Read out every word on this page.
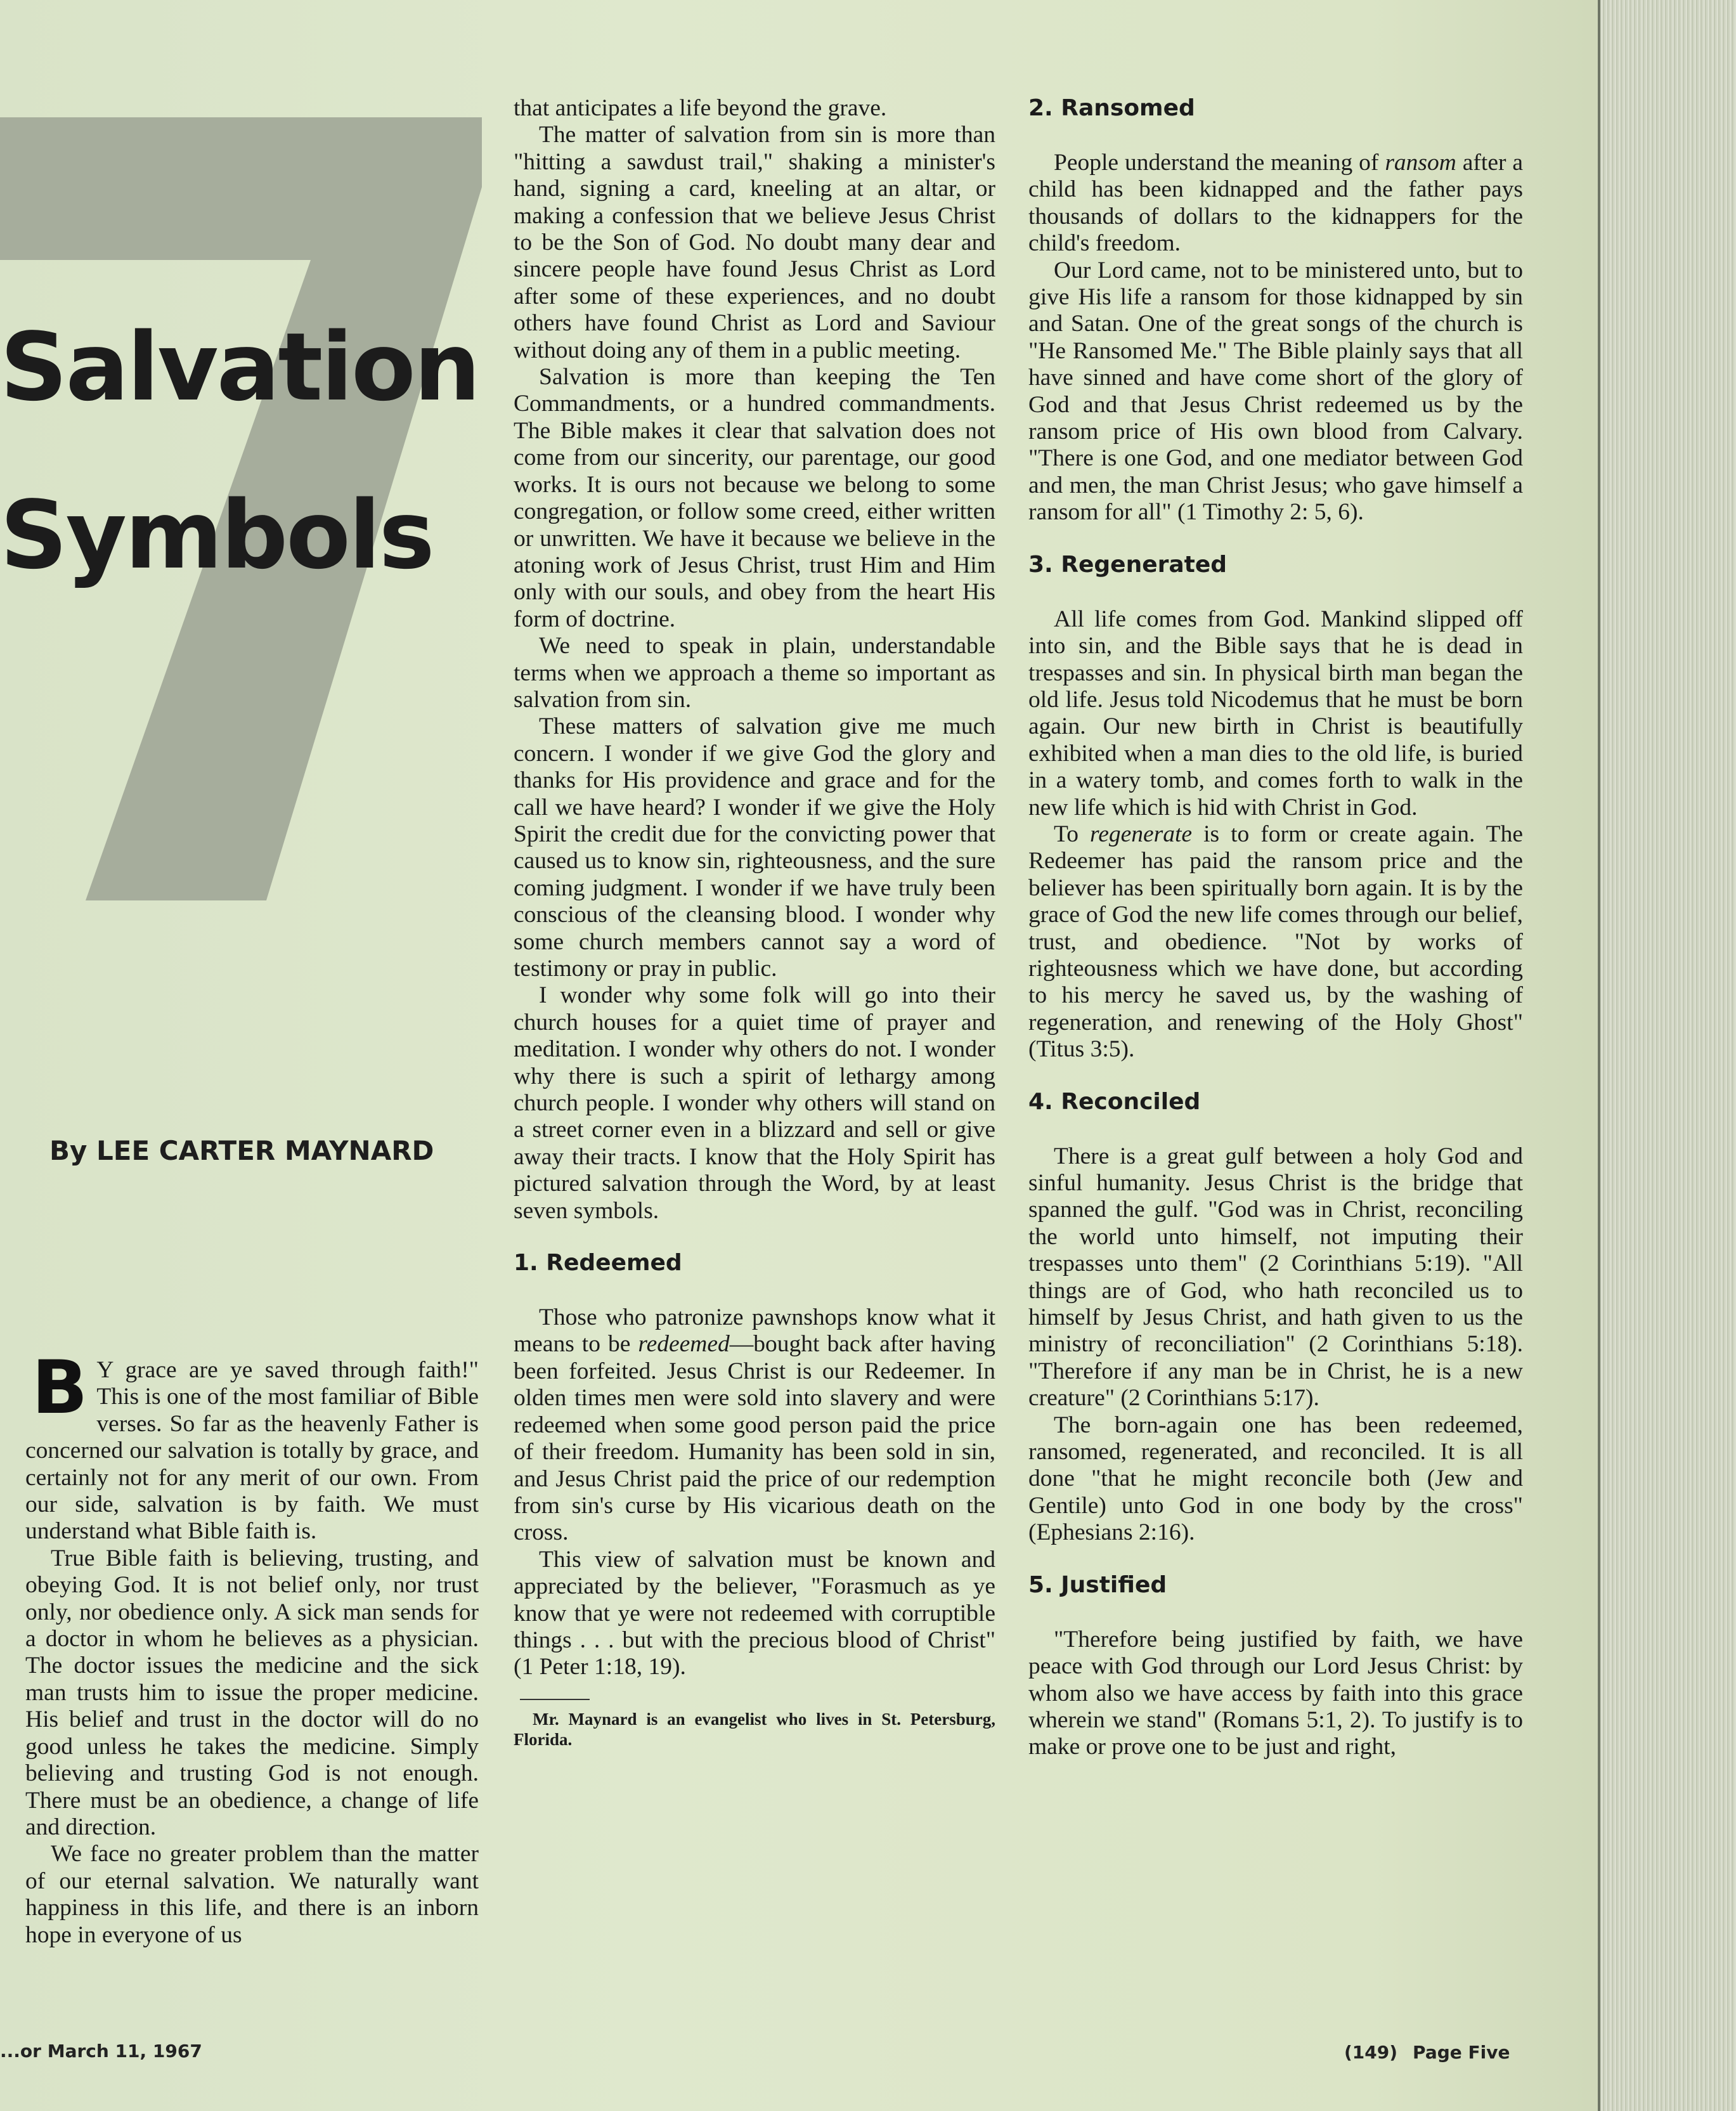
Salvation
Symbols
By LEE CARTER MAYNARD

B Y grace are ye saved through faith!" This is one of the most familiar of Bible verses. So far as the heavenly Father is concerned our salvation is totally by grace, and certainly not for any merit of our own. From our side, salvation is by faith. We must understand what Bible faith is.

True Bible faith is believing, trusting, and obeying God. It is not belief only, nor trust only, nor obedience only. A sick man sends for a doctor in whom he believes as a physician. The doctor issues the medicine and the sick man trusts him to issue the proper medicine. His belief and trust in the doctor will do no good unless he takes the medicine. Simply believing and trusting God is not enough. There must be an obedience, a change of life and direction.

We face no greater problem than the matter of our eternal salvation. We naturally want happiness in this life, and there is an inborn hope in everyone of us

that anticipates a life beyond the grave.

The matter of salvation from sin is more than "hitting a sawdust trail," shaking a minister's hand, signing a card, kneeling at an altar, or making a confession that we believe Jesus Christ to be the Son of God. No doubt many dear and sincere people have found Jesus Christ as Lord after some of these experiences, and no doubt others have found Christ as Lord and Saviour without doing any of them in a public meeting.

Salvation is more than keeping the Ten Commandments, or a hundred commandments. The Bible makes it clear that salvation does not come from our sincerity, our parentage, our good works. It is ours not because we belong to some congregation, or follow some creed, either written or unwritten. We have it because we believe in the atoning work of Jesus Christ, trust Him and Him only with our souls, and obey from the heart His form of doctrine.

We need to speak in plain, understandable terms when we approach a theme so important as salvation from sin.

These matters of salvation give me much concern. I wonder if we give God the glory and thanks for His providence and grace and for the call we have heard? I wonder if we give the Holy Spirit the credit due for the convicting power that caused us to know sin, righteousness, and the sure coming judgment. I wonder if we have truly been conscious of the cleansing blood. I wonder why some church members cannot say a word of testimony or pray in public.

I wonder why some folk will go into their church houses for a quiet time of prayer and meditation. I wonder why others do not. I wonder why there is such a spirit of lethargy among church people. I wonder why others will stand on a street corner even in a blizzard and sell or give away their tracts. I know that the Holy Spirit has pictured salvation through the Word, by at least seven symbols.

1. Redeemed

Those who patronize pawnshops know what it means to be redeemed—bought back after having been forfeited. Jesus Christ is our Redeemer. In olden times men were sold into slavery and were redeemed when some good person paid the price of their freedom. Humanity has been sold in sin, and Jesus Christ paid the price of our redemption from sin's curse by His vicarious death on the cross.

This view of salvation must be known and appreciated by the believer, "Forasmuch as ye know that ye were not redeemed with corruptible things . . . but with the precious blood of Christ" (1 Peter 1:18, 19).

Mr. Maynard is an evangelist who lives in St. Petersburg, Florida.
2. Ransomed

People understand the meaning of ransom after a child has been kidnapped and the father pays thousands of dollars to the kidnappers for the child's freedom.

Our Lord came, not to be ministered unto, but to give His life a ransom for those kidnapped by sin and Satan. One of the great songs of the church is "He Ransomed Me." The Bible plainly says that all have sinned and have come short of the glory of God and that Jesus Christ redeemed us by the ransom price of His own blood from Calvary. "There is one God, and one mediator between God and men, the man Christ Jesus; who gave himself a ransom for all" (1 Timothy 2: 5, 6).

3. Regenerated

All life comes from God. Mankind slipped off into sin, and the Bible says that he is dead in trespasses and sin. In physical birth man began the old life. Jesus told Nicodemus that he must be born again. Our new birth in Christ is beautifully exhibited when a man dies to the old life, is buried in a watery tomb, and comes forth to walk in the new life which is hid with Christ in God.

To regenerate is to form or create again. The Redeemer has paid the ransom price and the believer has been spiritually born again. It is by the grace of God the new life comes through our belief, trust, and obedience. "Not by works of righteousness which we have done, but according to his mercy he saved us, by the washing of regeneration, and renewing of the Holy Ghost" (Titus 3:5).

4. Reconciled

There is a great gulf between a holy God and sinful humanity. Jesus Christ is the bridge that spanned the gulf. "God was in Christ, reconciling the world unto himself, not imputing their trespasses unto them" (2 Corinthians 5:19). "All things are of God, who hath reconciled us to himself by Jesus Christ, and hath given to us the ministry of reconciliation" (2 Corinthians 5:18). "Therefore if any man be in Christ, he is a new creature" (2 Corinthians 5:17).

The born-again one has been redeemed, ransomed, regenerated, and reconciled. It is all done "that he might reconcile both (Jew and Gentile) unto God in one body by the cross" (Ephesians 2:16).

5. Justified

"Therefore being justified by faith, we have peace with God through our Lord Jesus Christ: by whom also we have access by faith into this grace wherein we stand" (Romans 5:1, 2). To justify is to make or prove one to be just and right,

...or March 11, 1967	(149) Page Five
